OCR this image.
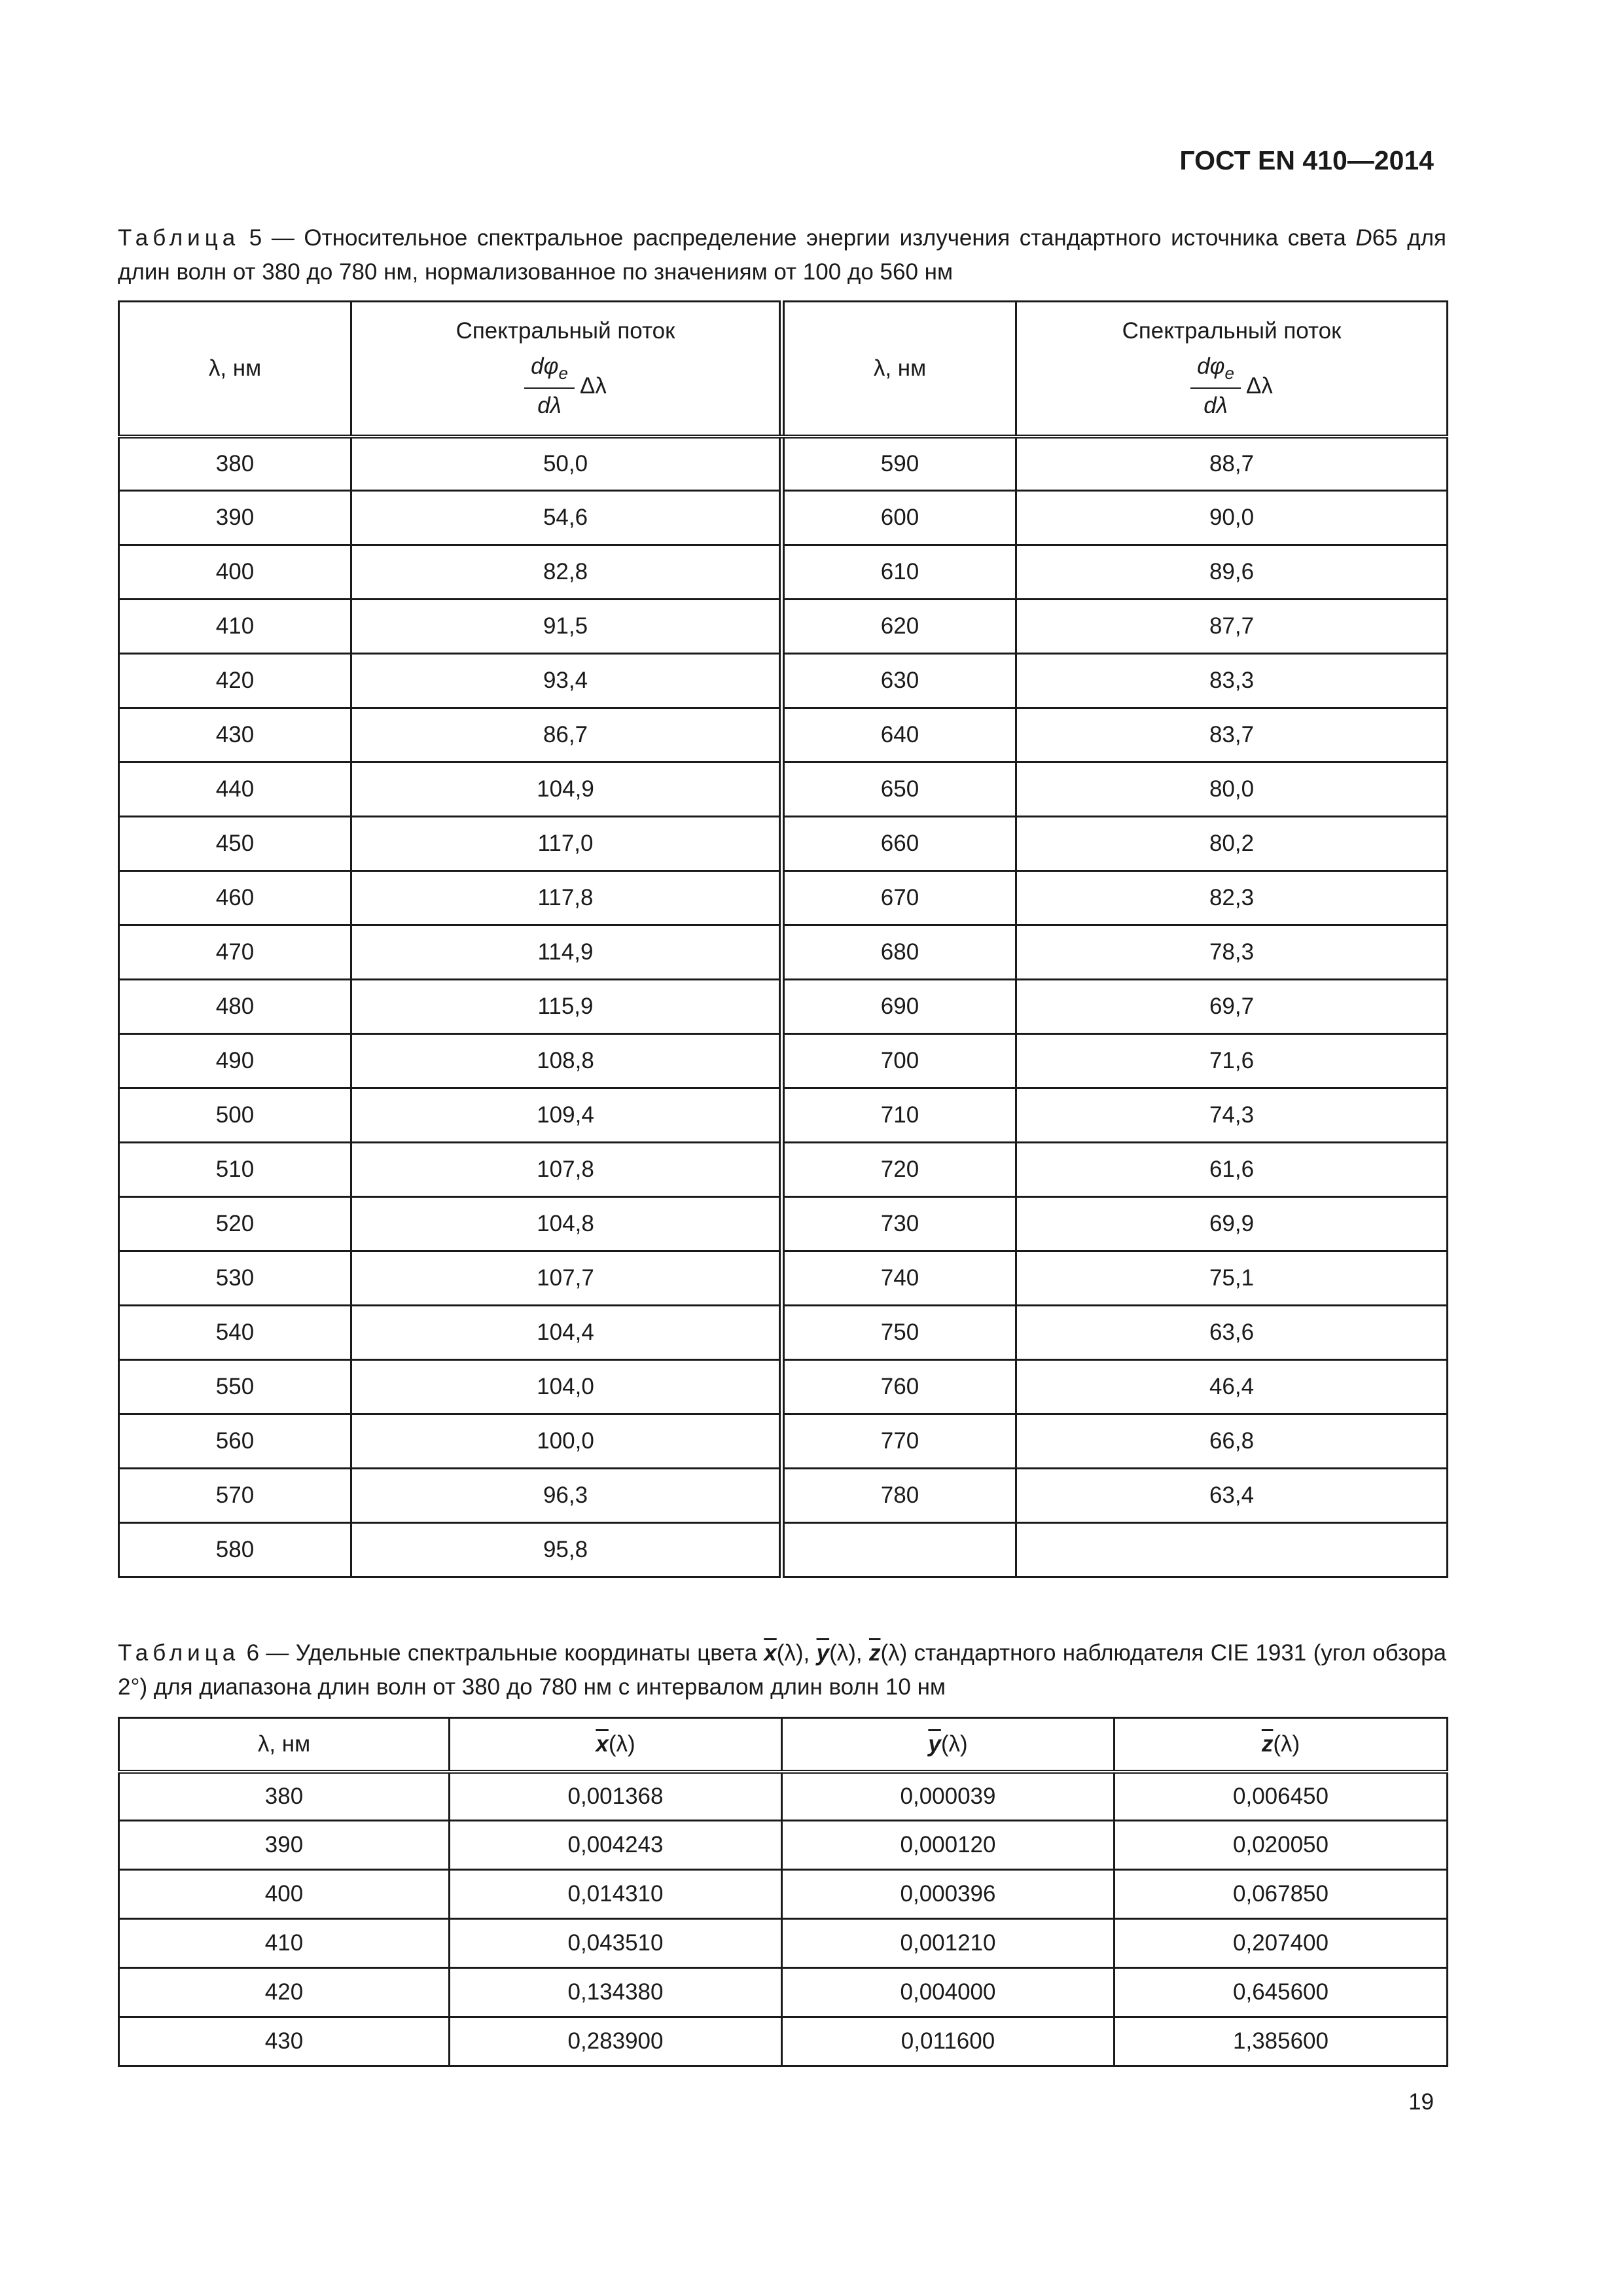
ГОСТ EN 410—2014
Таблица 5 — Относительное спектральное распределение энергии излучения стандартного источника света D65 для длин волн от 380 до 780 нм, нормализованное по значениям от 100 до 560 нм
λ, нм	Спектральный поток
$\frac{d\varphi_e}{d\lambda}$ Δλ		λ, нм	Спектральный поток
$\frac{d\varphi_e}{d\lambda}$ Δλ

380	50,0		590	88,7
390	54,6		600	90,0
400	82,8		610	89,6
410	91,5		620	87,7
420	93,4		630	83,3
430	86,7		640	83,7
440	104,9		650	80,0
450	117,0		660	80,2
460	117,8		670	82,3
470	114,9		680	78,3
480	115,9		690	69,7
490	108,8		700	71,6
500	109,4		710	74,3
510	107,8		720	61,6
520	104,8		730	69,9
530	107,7		740	75,1
540	104,4		750	63,6
550	104,0		760	46,4
560	100,0		770	66,8
570	96,3		780	63,4
580	95,8			
Таблица 6 — Удельные спектральные координаты цвета $\overline{x}(\lambda)$, $\overline{y}(\lambda)$, $\overline{z}(\lambda)$ стандартного наблюдателя CIE 1931 (угол обзора 2°) для диапазона длин волн от 380 до 780 нм с интервалом длин волн 10 нм
λ, нм	$\overline{x}(\lambda)$	$\overline{y}(\lambda)$	$\overline{z}(\lambda)$
380	0,001368	0,000039	0,006450
390	0,004243	0,000120	0,020050
400	0,014310	0,000396	0,067850
410	0,043510	0,001210	0,207400
420	0,134380	0,004000	0,645600
430	0,283900	0,011600	1,385600
19
